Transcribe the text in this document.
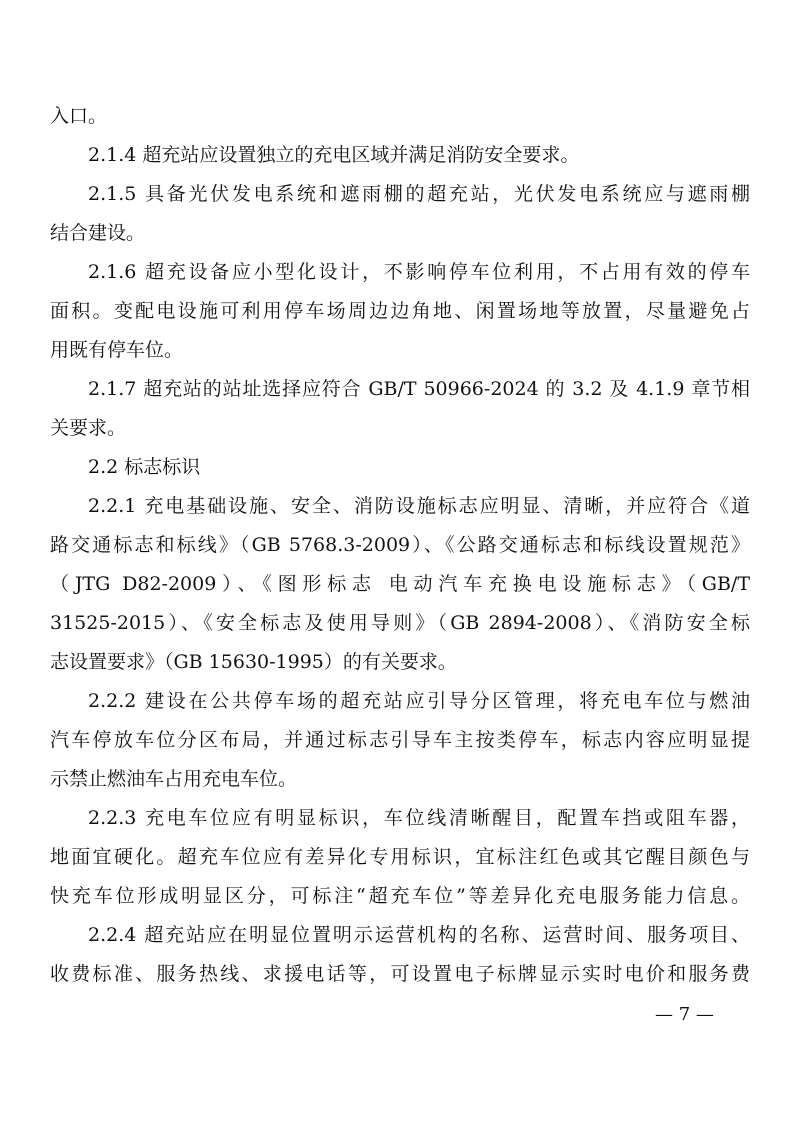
入口。
2.1.4 超充站应设置独立的充电区域并满足消防安全要求。
2.1.5 具备光伏发电系统和遮雨棚的超充站，光伏发电系统应与遮雨棚
结合建设。
2.1.6 超充设备应小型化设计，不影响停车位利用，不占用有效的停车
面积。变配电设施可利用停车场周边边角地、闲置场地等放置，尽量避免占
用既有停车位。
2.1.7 超充站的站址选择应符合 GB/T 50966-2024 的 3.2 及 4.1.9 章节相
关要求。
2.2 标志标识
2.2.1 充电基础设施、安全、消防设施标志应明显、清晰，并应符合《道
路交通标志和标线》（GB 5768.3-2009）、《公路交通标志和标线设置规范》
（JTG D82-2009）、《图形标志 电动汽车充换电设施标志》（GB/T
31525-2015）、《安全标志及使用导则》（GB 2894-2008）、《消防安全标
志设置要求》（GB 15630-1995）的有关要求。
2.2.2 建设在公共停车场的超充站应引导分区管理，将充电车位与燃油
汽车停放车位分区布局，并通过标志引导车主按类停车，标志内容应明显提
示禁止燃油车占用充电车位。
2.2.3 充电车位应有明显标识，车位线清晰醒目，配置车挡或阻车器，
地面宜硬化。超充车位应有差异化专用标识，宜标注红色或其它醒目颜色与
快充车位形成明显区分，可标注“超充车位”等差异化充电服务能力信息。
2.2.4 超充站应在明显位置明示运营机构的名称、运营时间、服务项目、
收费标准、服务热线、求援电话等，可设置电子标牌显示实时电价和服务费
— 7 —
